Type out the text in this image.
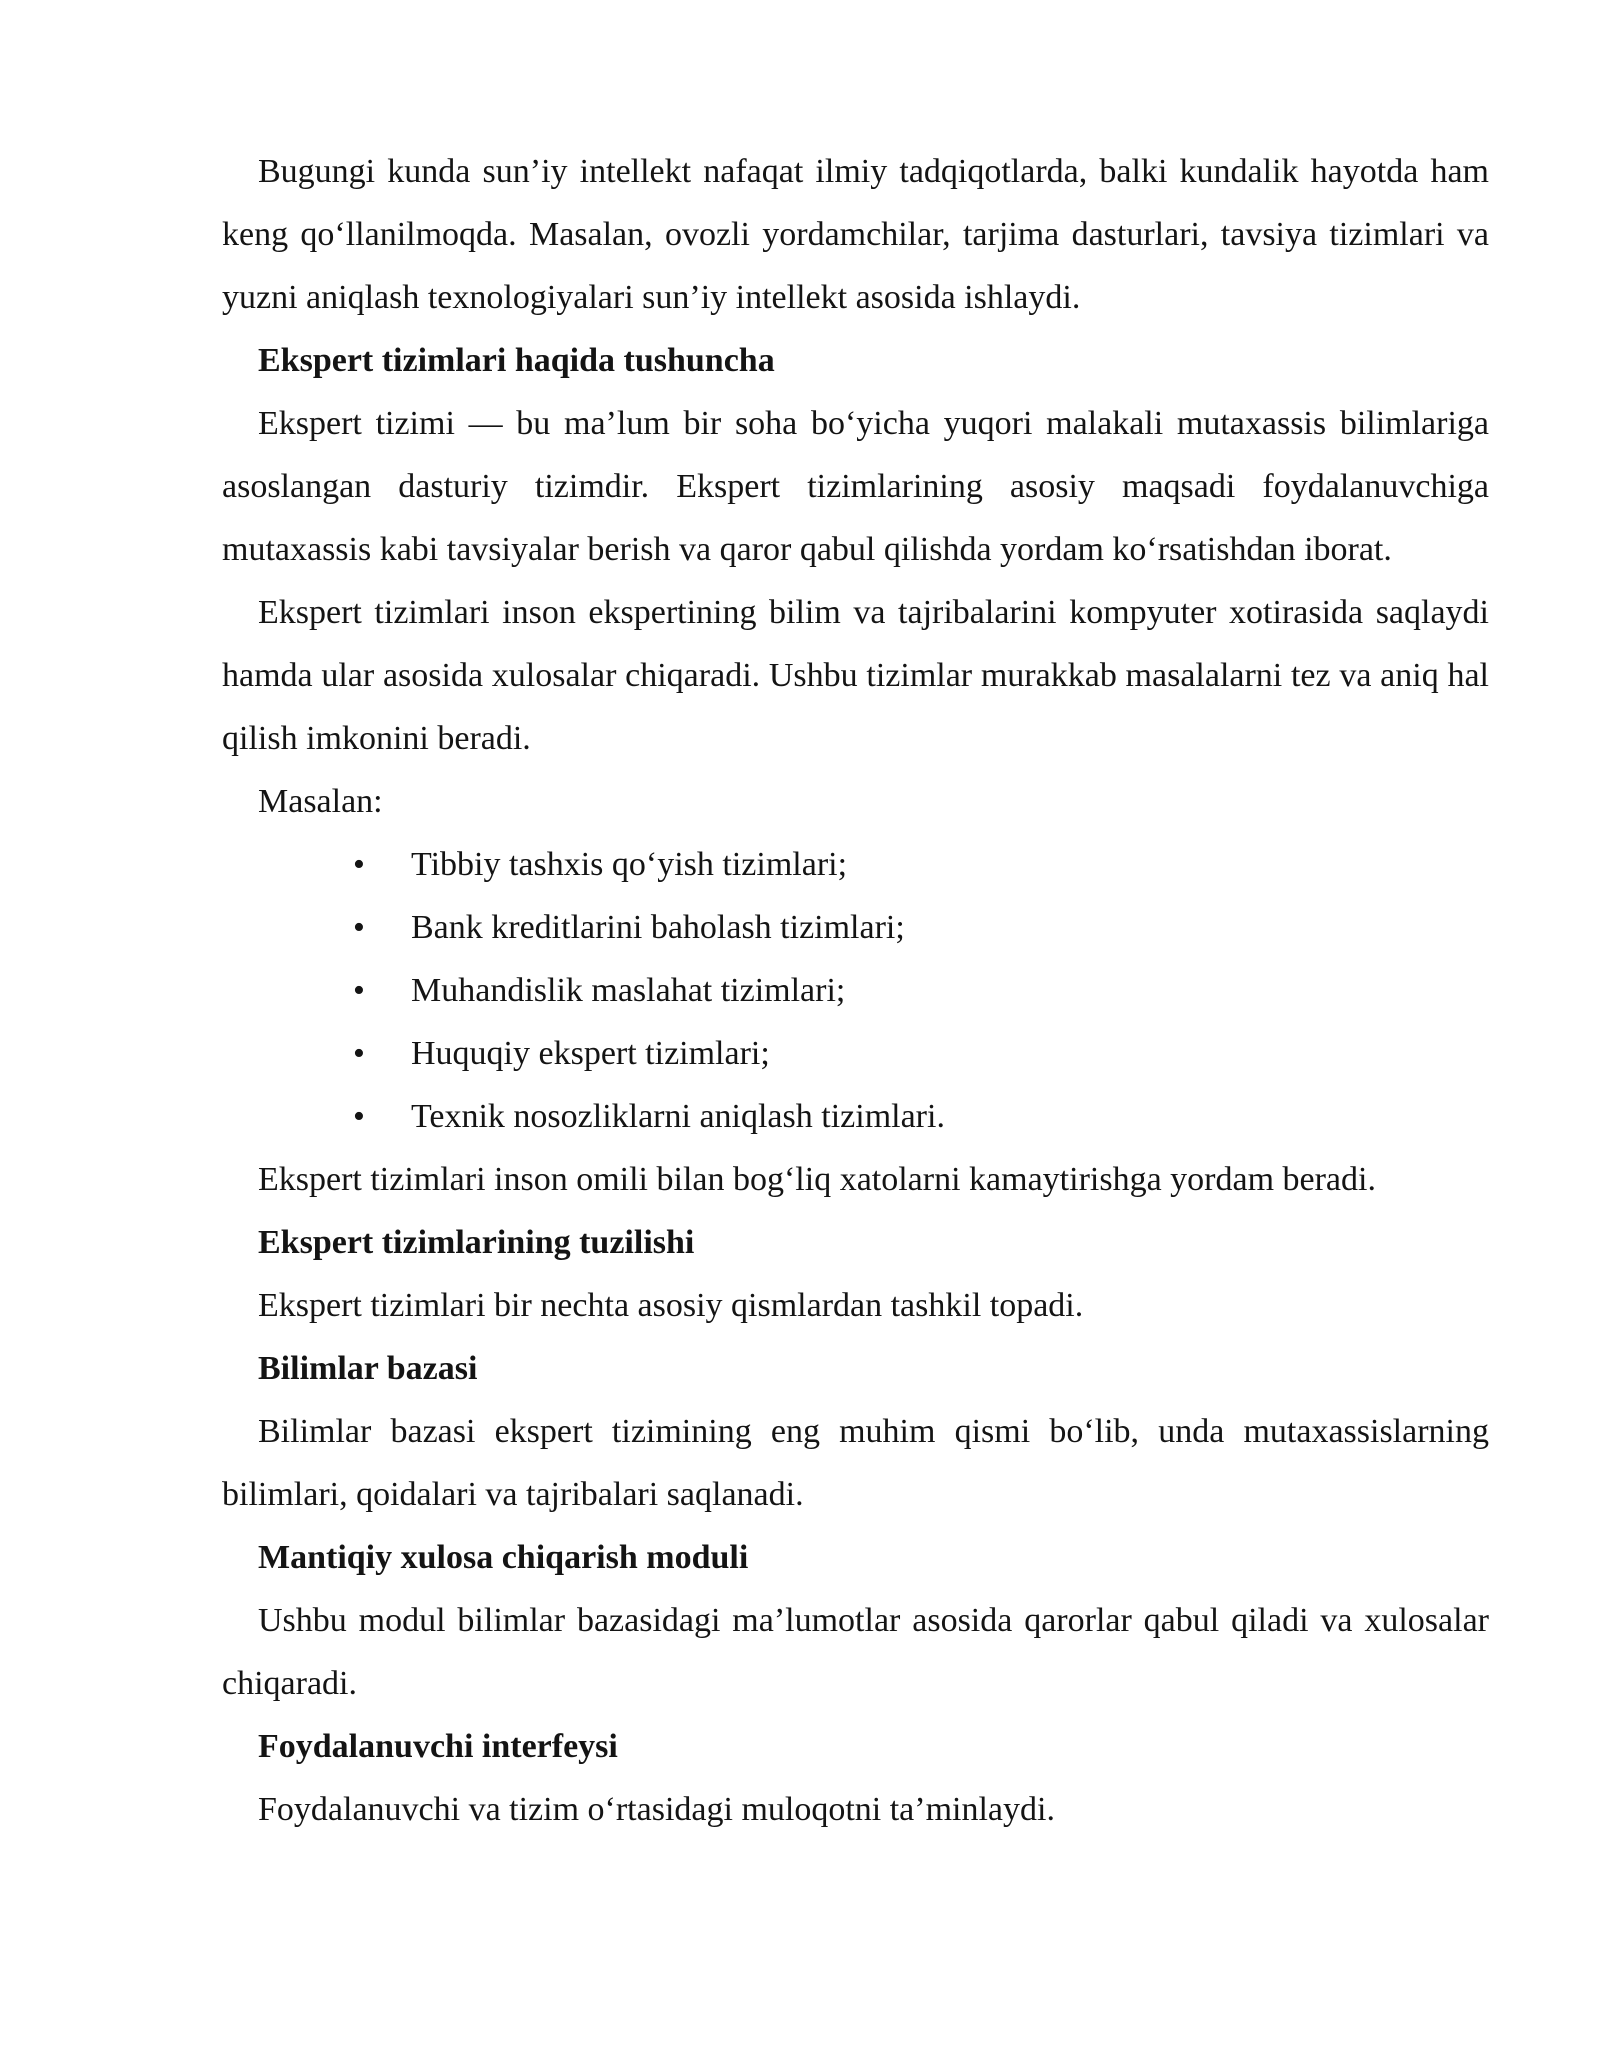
Bugungi kunda sun’iy intellekt nafaqat ilmiy tadqiqotlarda, balki kundalik hayotda ham keng qo‘llanilmoqda. Masalan, ovozli yordamchilar, tarjima dasturlari, tavsiya tizimlari va yuzni aniqlash texnologiyalari sun’iy intellekt asosida ishlaydi.

Ekspert tizimlari haqida tushuncha

Ekspert tizimi — bu ma’lum bir soha bo‘yicha yuqori malakali mutaxassis bilimlariga asoslangan dasturiy tizimdir. Ekspert tizimlarining asosiy maqsadi foydalanuvchiga mutaxassis kabi tavsiyalar berish va qaror qabul qilishda yordam ko‘rsatishdan iborat.

Ekspert tizimlari inson ekspertining bilim va tajribalarini kompyuter xotirasida saqlaydi hamda ular asosida xulosalar chiqaradi. Ushbu tizimlar murakkab masalalarni tez va aniq hal qilish imkonini beradi.

Masalan:

• Tibbiy tashxis qo‘yish tizimlari;
• Bank kreditlarini baholash tizimlari;
• Muhandislik maslahat tizimlari;
• Huquqiy ekspert tizimlari;
• Texnik nosozliklarni aniqlash tizimlari.

Ekspert tizimlari inson omili bilan bog‘liq xatolarni kamaytirishga yordam beradi.

Ekspert tizimlarining tuzilishi

Ekspert tizimlari bir nechta asosiy qismlardan tashkil topadi.

Bilimlar bazasi

Bilimlar bazasi ekspert tizimining eng muhim qismi bo‘lib, unda mutaxassislarning bilimlari, qoidalari va tajribalari saqlanadi.

Mantiqiy xulosa chiqarish moduli

Ushbu modul bilimlar bazasidagi ma’lumotlar asosida qarorlar qabul qiladi va xulosalar chiqaradi.

Foydalanuvchi interfeysi

Foydalanuvchi va tizim o‘rtasidagi muloqotni ta’minlaydi.
